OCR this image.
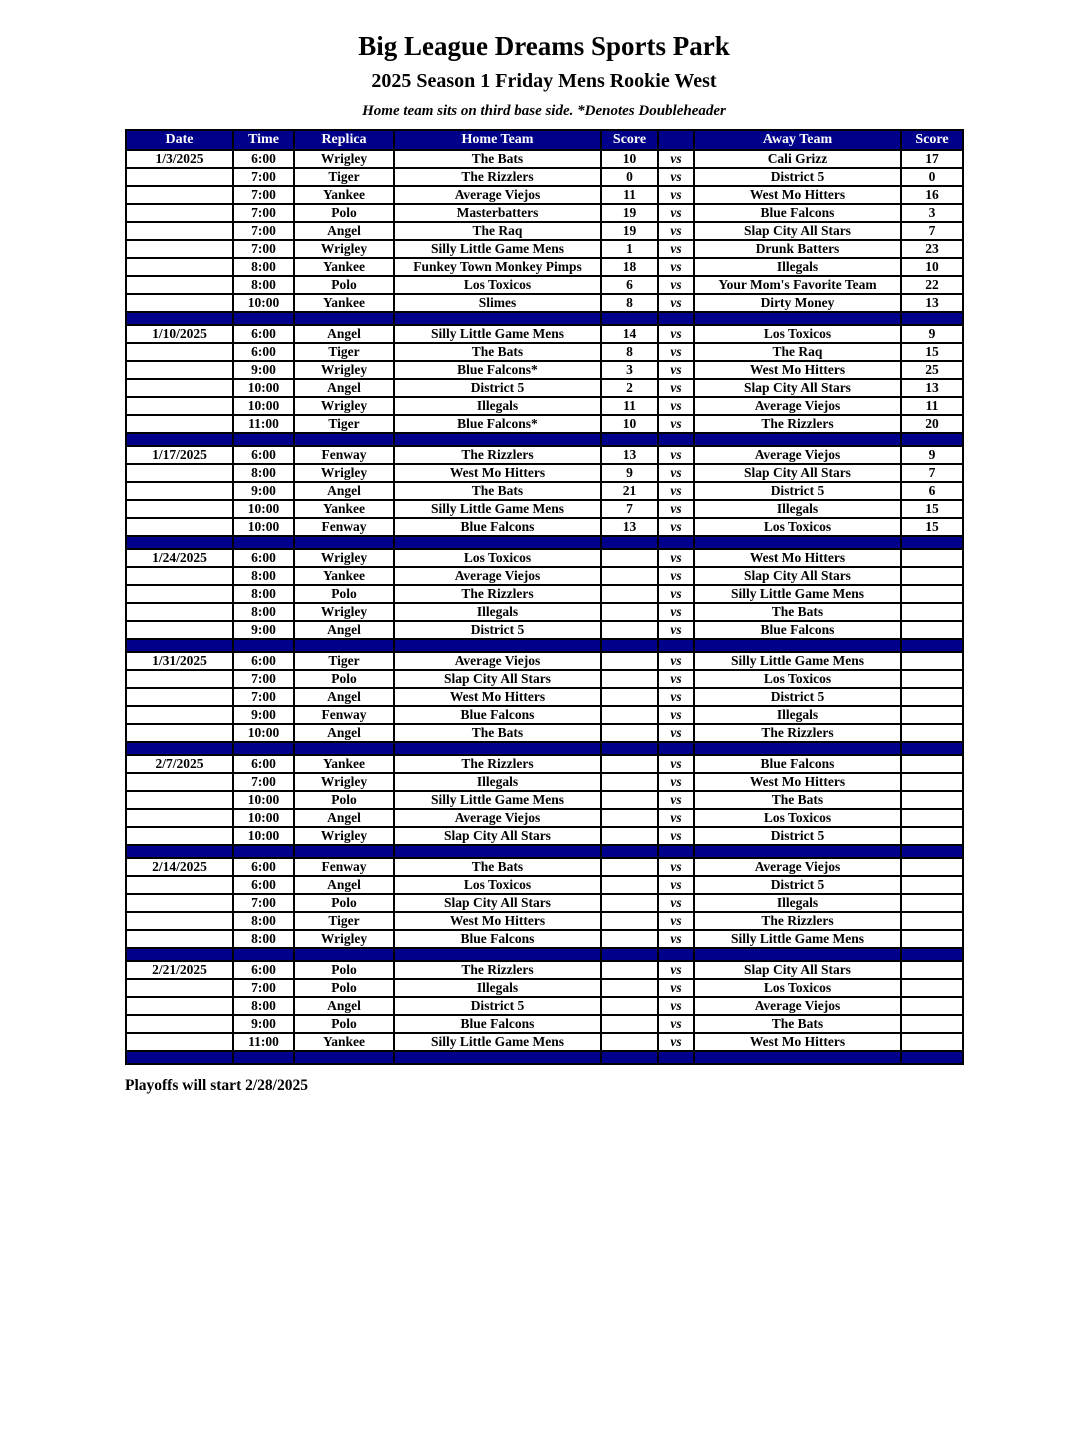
Big League Dreams Sports Park
2025 Season 1 Friday Mens Rookie West
Home team sits on third base side. *Denotes Doubleheader
Date	Time	Replica	Home Team	Score		Away Team	Score
1/3/2025	6:00	Wrigley	The Bats	10	vs	Cali Grizz	17
	7:00	Tiger	The Rizzlers	0	vs	District 5	0
	7:00	Yankee	Average Viejos	11	vs	West Mo Hitters	16
	7:00	Polo	Masterbatters	19	vs	Blue Falcons	3
	7:00	Angel	The Raq	19	vs	Slap City All Stars	7
	7:00	Wrigley	Silly Little Game Mens	1	vs	Drunk Batters	23
	8:00	Yankee	Funkey Town Monkey Pimps	18	vs	Illegals	10
	8:00	Polo	Los Toxicos	6	vs	Your Mom's Favorite Team	22
	10:00	Yankee	Slimes	8	vs	Dirty Money	13

1/10/2025	6:00	Angel	Silly Little Game Mens	14	vs	Los Toxicos	9
	6:00	Tiger	The Bats	8	vs	The Raq	15
	9:00	Wrigley	Blue Falcons*	3	vs	West Mo Hitters	25
	10:00	Angel	District 5	2	vs	Slap City All Stars	13
	10:00	Wrigley	Illegals	11	vs	Average Viejos	11
	11:00	Tiger	Blue Falcons*	10	vs	The Rizzlers	20

1/17/2025	6:00	Fenway	The Rizzlers	13	vs	Average Viejos	9
	8:00	Wrigley	West Mo Hitters	9	vs	Slap City All Stars	7
	9:00	Angel	The Bats	21	vs	District 5	6
	10:00	Yankee	Silly Little Game Mens	7	vs	Illegals	15
	10:00	Fenway	Blue Falcons	13	vs	Los Toxicos	15

1/24/2025	6:00	Wrigley	Los Toxicos		vs	West Mo Hitters	
	8:00	Yankee	Average Viejos		vs	Slap City All Stars	
	8:00	Polo	The Rizzlers		vs	Silly Little Game Mens	
	8:00	Wrigley	Illegals		vs	The Bats	
	9:00	Angel	District 5		vs	Blue Falcons	

1/31/2025	6:00	Tiger	Average Viejos		vs	Silly Little Game Mens	
	7:00	Polo	Slap City All Stars		vs	Los Toxicos	
	7:00	Angel	West Mo Hitters		vs	District 5	
	9:00	Fenway	Blue Falcons		vs	Illegals	
	10:00	Angel	The Bats		vs	The Rizzlers	

2/7/2025	6:00	Yankee	The Rizzlers		vs	Blue Falcons	
	7:00	Wrigley	Illegals		vs	West Mo Hitters	
	10:00	Polo	Silly Little Game Mens		vs	The Bats	
	10:00	Angel	Average Viejos		vs	Los Toxicos	
	10:00	Wrigley	Slap City All Stars		vs	District 5	

2/14/2025	6:00	Fenway	The Bats		vs	Average Viejos	
	6:00	Angel	Los Toxicos		vs	District 5	
	7:00	Polo	Slap City All Stars		vs	Illegals	
	8:00	Tiger	West Mo Hitters		vs	The Rizzlers	
	8:00	Wrigley	Blue Falcons		vs	Silly Little Game Mens	

2/21/2025	6:00	Polo	The Rizzlers		vs	Slap City All Stars	
	7:00	Polo	Illegals		vs	Los Toxicos	
	8:00	Angel	District 5		vs	Average Viejos	
	9:00	Polo	Blue Falcons		vs	The Bats	
	11:00	Yankee	Silly Little Game Mens		vs	West Mo Hitters	

Playoffs will start 2/28/2025
